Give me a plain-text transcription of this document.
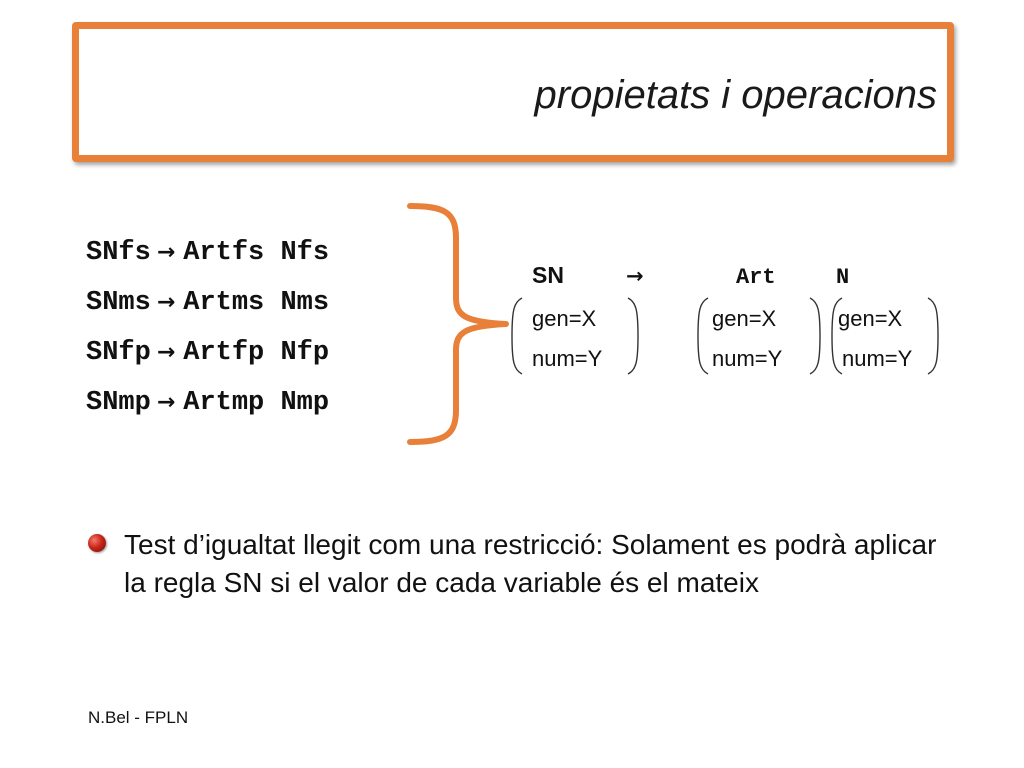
propietats i operacions
SNfs → Artfs Nfs
SNms → Artms Nms
SNfp → Artfp Nfp
SNmp → Artmp Nmp
SN	→	Art	N
gen=X
num=Y
gen=X
num=Y
gen=X
num=Y
Test d’igualtat llegit com una restricció: Solament es podrà aplicar la regla SN si el valor de cada variable és el mateix
N.Bel - FPLN
